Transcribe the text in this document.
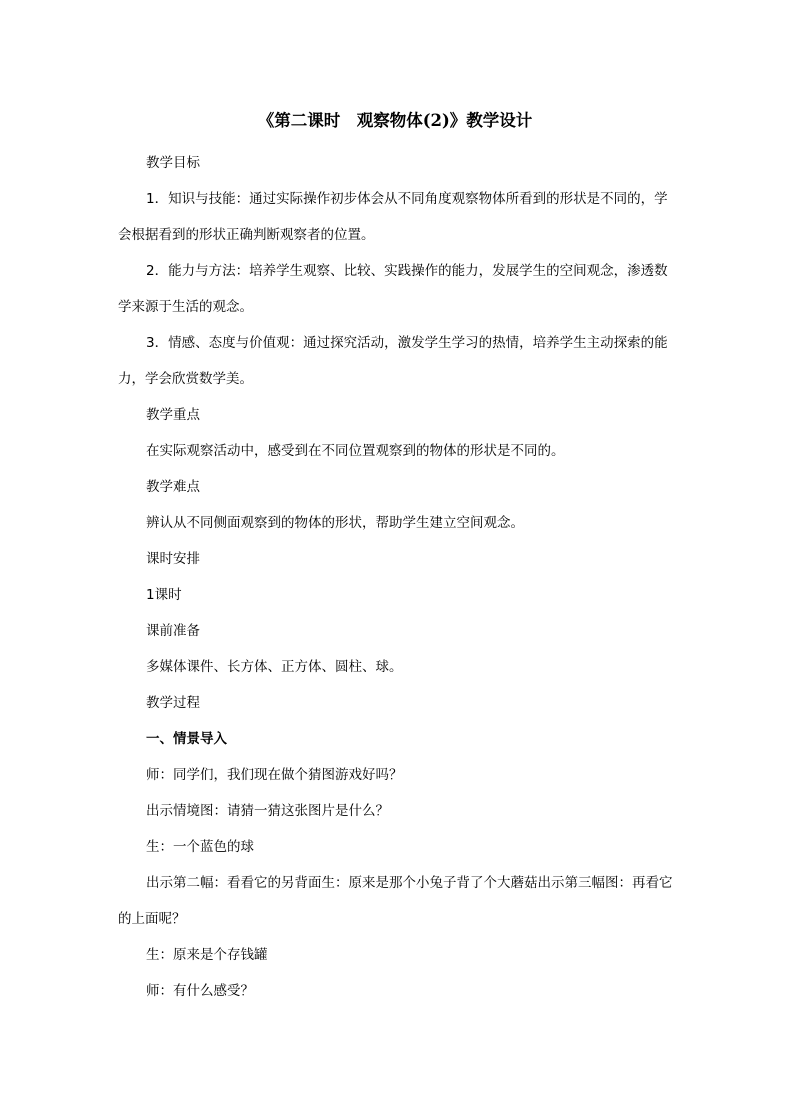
《第二课时　观察物体(2)》教学设计

教学目标

1．知识与技能：通过实际操作初步体会从不同角度观察物体所看到的形状是不同的，学会根据看到的形状正确判断观察者的位置。

2．能力与方法：培养学生观察、比较、实践操作的能力，发展学生的空间观念，渗透数学来源于生活的观念。

3．情感、态度与价值观：通过探究活动，激发学生学习的热情，培养学生主动探索的能力，学会欣赏数学美。

教学重点

在实际观察活动中，感受到在不同位置观察到的物体的形状是不同的。

教学难点

辨认从不同侧面观察到的物体的形状，帮助学生建立空间观念。

课时安排

1课时

课前准备

多媒体课件、长方体、正方体、圆柱、球。

教学过程

一、情景导入

师：同学们，我们现在做个猜图游戏好吗？

出示情境图：请猜一猜这张图片是什么？

生：一个蓝色的球

出示第二幅：看看它的另背面生：原来是那个小兔子背了个大蘑菇出示第三幅图：再看它的上面呢？

生：原来是个存钱罐

师：有什么感受？
